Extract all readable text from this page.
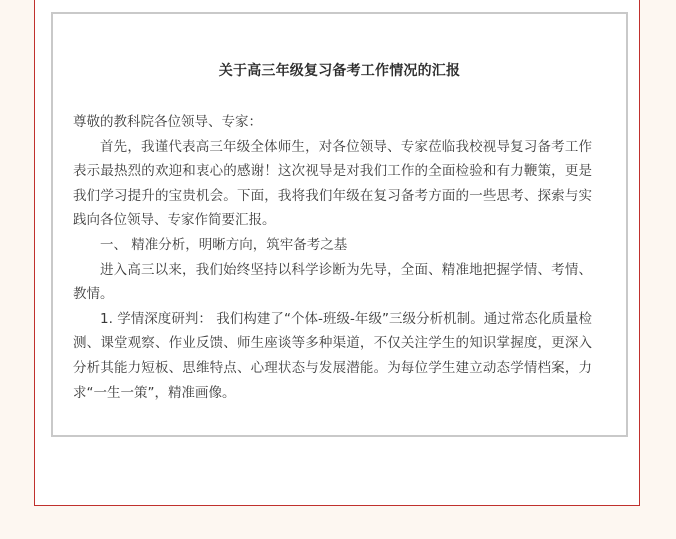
关于高三年级复习备考工作情况的汇报

尊敬的教科院各位领导、专家：

首先，我谨代表高三年级全体师生，对各位领导、专家莅临我校视导复习备考工作表示最热烈的欢迎和衷心的感谢！这次视导是对我们工作的全面检验和有力鞭策，更是我们学习提升的宝贵机会。下面，我将我们年级在复习备考方面的一些思考、探索与实践向各位领导、专家作简要汇报。

一、 精准分析，明晰方向，筑牢备考之基

进入高三以来，我们始终坚持以科学诊断为先导，全面、精准地把握学情、考情、教情。

1. 学情深度研判： 我们构建了“个体-班级-年级”三级分析机制。通过常态化质量检测、课堂观察、作业反馈、师生座谈等多种渠道，不仅关注学生的知识掌握度，更深入分析其能力短板、思维特点、心理状态与发展潜能。为每位学生建立动态学情档案，力求“一生一策”，精准画像。
